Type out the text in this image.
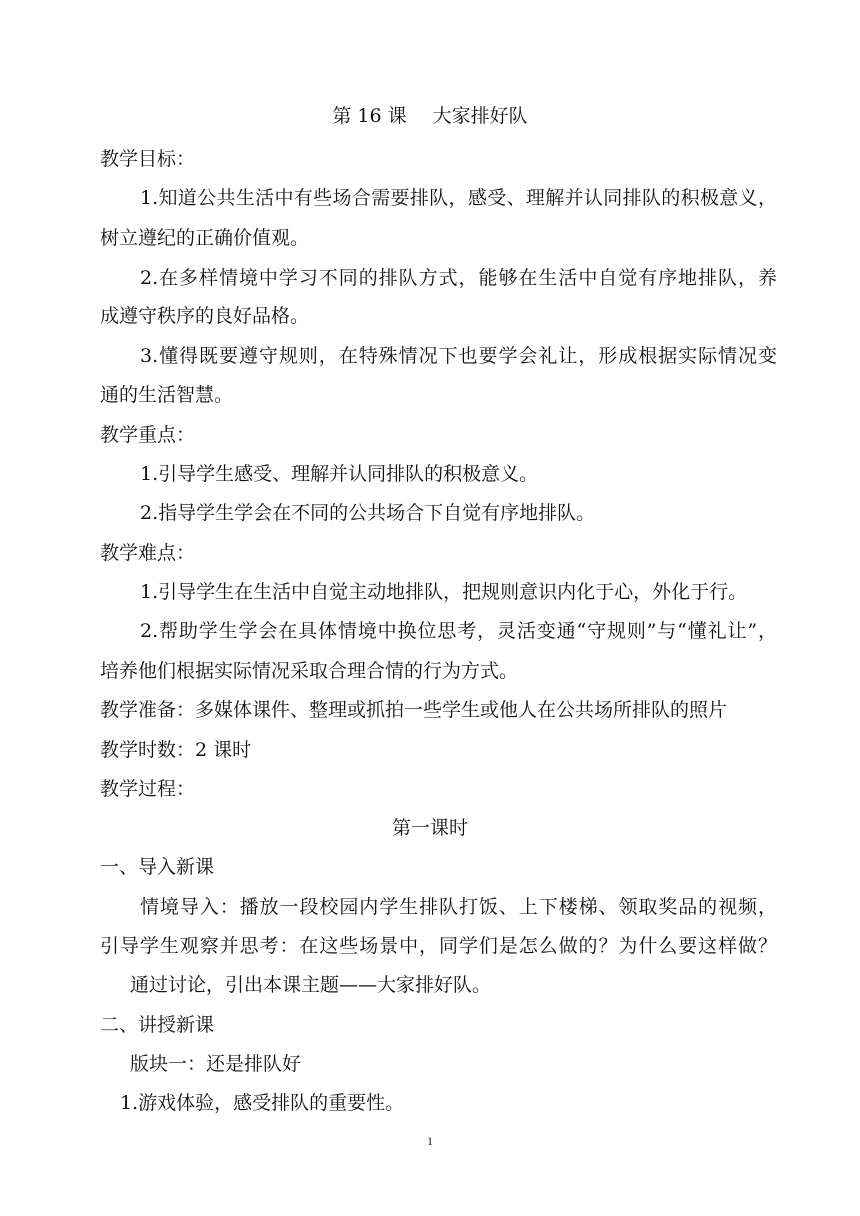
第 16 课 大家排好队
教学目标：
1.知道公共生活中有些场合需要排队，感受、理解并认同排队的积极意义，
树立遵纪的正确价值观。
2.在多样情境中学习不同的排队方式，能够在生活中自觉有序地排队，养
成遵守秩序的良好品格。
3.懂得既要遵守规则，在特殊情况下也要学会礼让，形成根据实际情况变
通的生活智慧。
教学重点：
1.引导学生感受、理解并认同排队的积极意义。
2.指导学生学会在不同的公共场合下自觉有序地排队。
教学难点：
1.引导学生在生活中自觉主动地排队，把规则意识内化于心，外化于行。
2.帮助学生学会在具体情境中换位思考，灵活变通“守规则”与“懂礼让”，
培养他们根据实际情况采取合理合情的行为方式。
教学准备：多媒体课件、整理或抓拍一些学生或他人在公共场所排队的照片
教学时数：2 课时
教学过程：
第一课时
一、导入新课
情境导入：播放一段校园内学生排队打饭、上下楼梯、领取奖品的视频，
引导学生观察并思考：在这些场景中，同学们是怎么做的？为什么要这样做？
通过讨论，引出本课主题——大家排好队。
二、讲授新课
版块一：还是排队好
1.游戏体验，感受排队的重要性。
1
